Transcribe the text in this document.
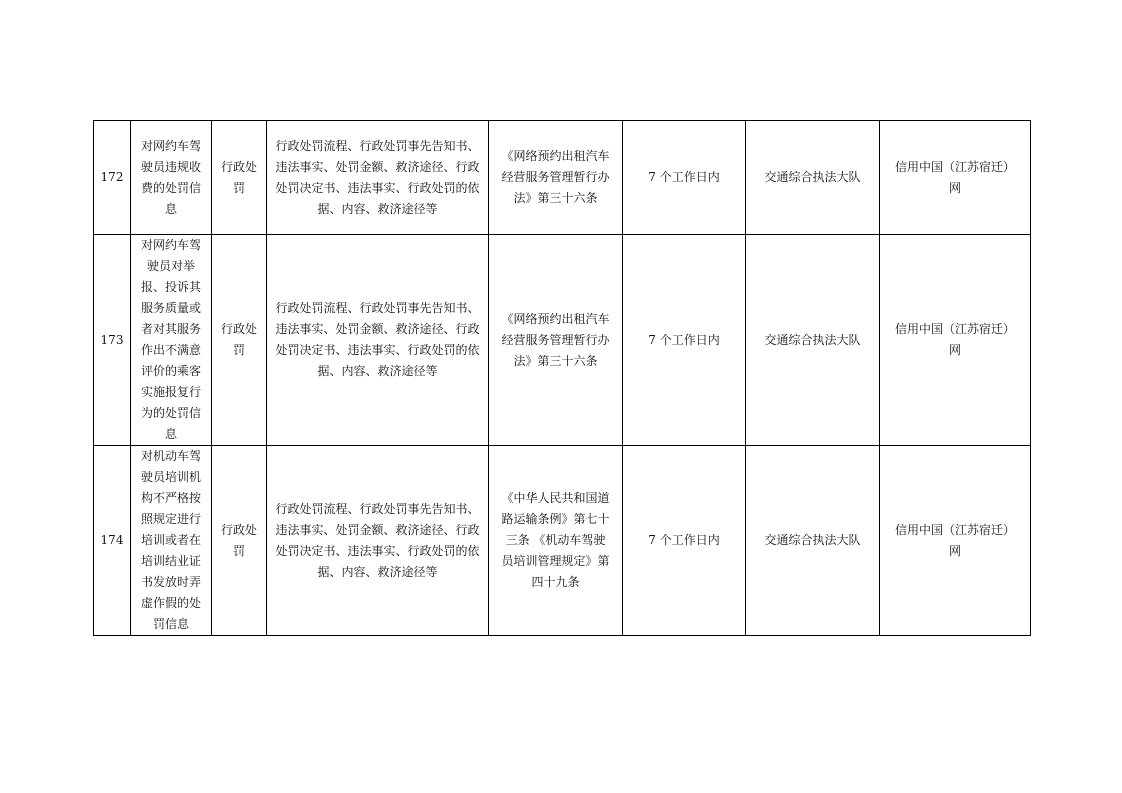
172	对网约车驾驶员违规收费的处罚信息	行政处罚	行政处罚流程、行政处罚事先告知书、违法事实、处罚金额、救济途径、行政处罚决定书、违法事实、行政处罚的依据、内容、救济途径等	《网络预约出租汽车经营服务管理暂行办法》第三十六条	7 个工作日内	交通综合执法大队	信用中国（江苏宿迁）网
173	对网约车驾驶员对举报、投诉其服务质量或者对其服务作出不满意评价的乘客实施报复行为的处罚信息	行政处罚	行政处罚流程、行政处罚事先告知书、违法事实、处罚金额、救济途径、行政处罚决定书、违法事实、行政处罚的依据、内容、救济途径等	《网络预约出租汽车经营服务管理暂行办法》第三十六条	7 个工作日内	交通综合执法大队	信用中国（江苏宿迁）网
174	对机动车驾驶员培训机构不严格按照规定进行培训或者在培训结业证书发放时弄虚作假的处罚信息	行政处罚	行政处罚流程、行政处罚事先告知书、违法事实、处罚金额、救济途径、行政处罚决定书、违法事实、行政处罚的依据、内容、救济途径等	《中华人民共和国道路运输条例》第七十三条 《机动车驾驶员培训管理规定》第四十九条	7 个工作日内	交通综合执法大队	信用中国（江苏宿迁）网
